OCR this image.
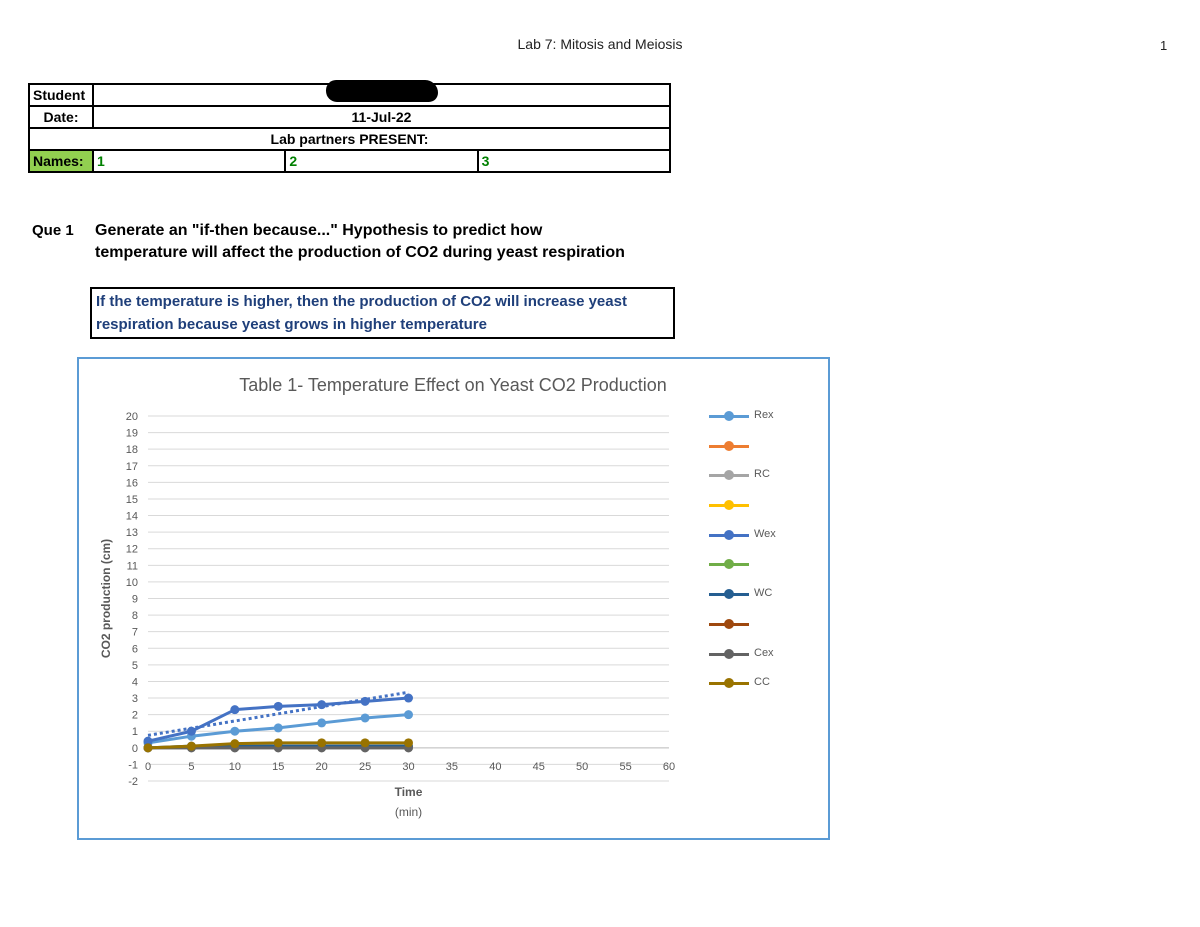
Lab 7: Mitosis and Meiosis	1
Student			
Date:	11-Jul-22		
Lab partners PRESENT:			
Names:	1	2	3
Que 1 Generate an "if-then because..." Hypothesis to predict how temperature will affect the production of CO2 during yeast respiration
If the temperature is higher, then the production of CO2 will increase yeast respiration because yeast grows in higher temperature
Table 1- Temperature Effect on Yeast CO2 Production
-2
-1
0
1
2
3
4
5
6
7
8
9
10
11
12
13
14
15
16
17
18
19
20
0	5	10	15	20	25	30	35	40	45	50	55	60
Time
(min)
CO2 production (cm)
Rex
RC
Wex
WC
Cex
CC
